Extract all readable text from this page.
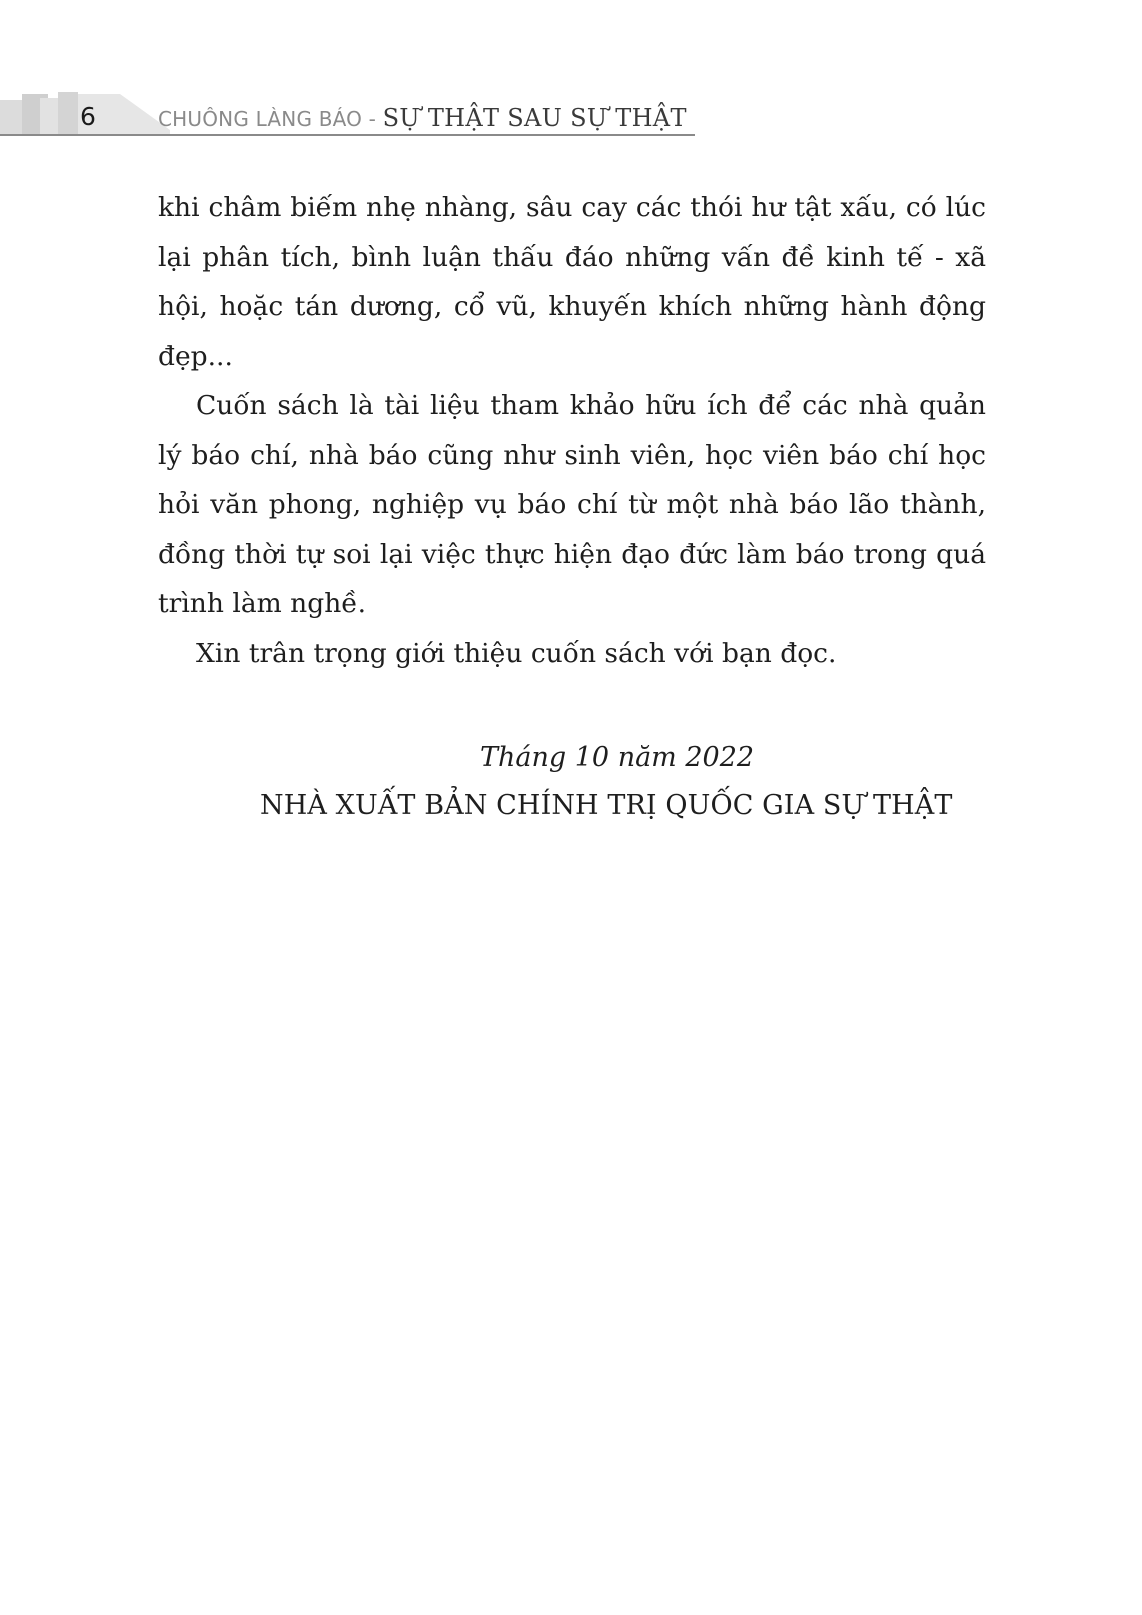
6	CHUÔNG LÀNG BÁO - SỰ THẬT SAU SỰ THẬT

khi châm biếm nhẹ nhàng, sâu cay các thói hư tật xấu, có lúc lại phân tích, bình luận thấu đáo những vấn đề kinh tế - xã hội, hoặc tán dương, cổ vũ, khuyến khích những hành động đẹp...

Cuốn sách là tài liệu tham khảo hữu ích để các nhà quản lý báo chí, nhà báo cũng như sinh viên, học viên báo chí học hỏi văn phong, nghiệp vụ báo chí từ một nhà báo lão thành, đồng thời tự soi lại việc thực hiện đạo đức làm báo trong quá trình làm nghề.

Xin trân trọng giới thiệu cuốn sách với bạn đọc.

Tháng 10 năm 2022
NHÀ XUẤT BẢN CHÍNH TRỊ QUỐC GIA SỰ THẬT
